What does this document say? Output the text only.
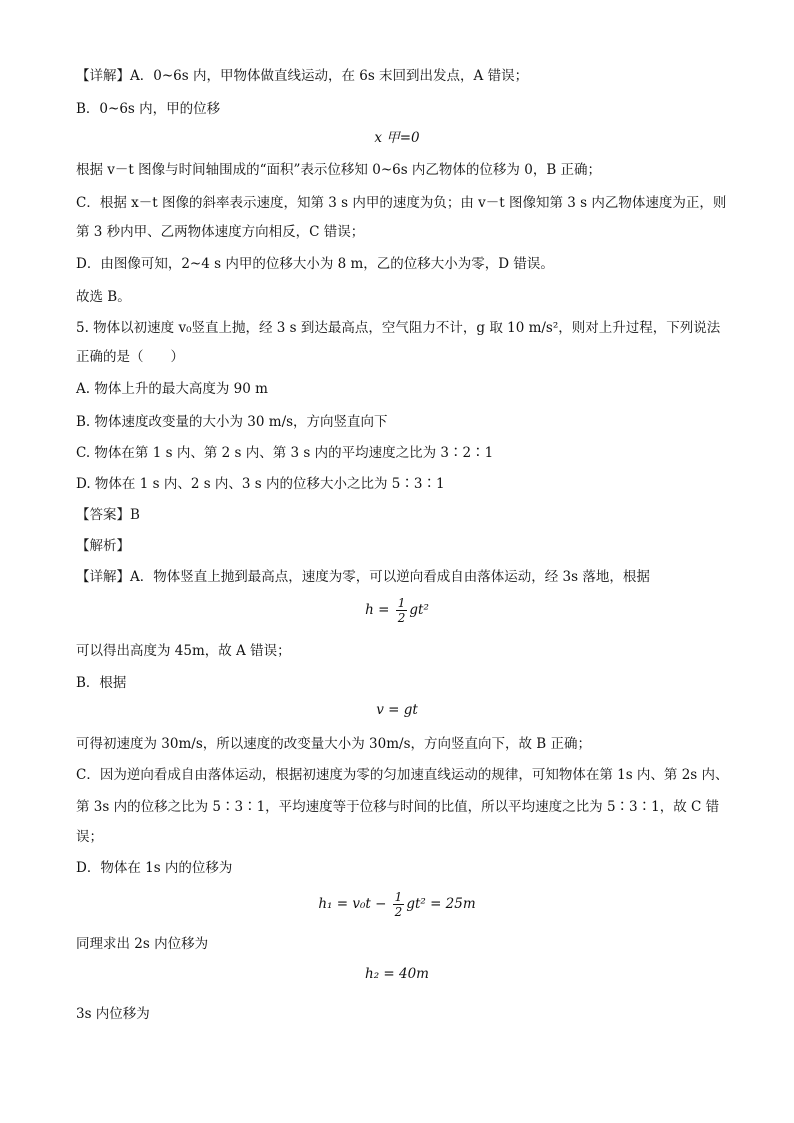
【详解】A．0~6s 内，甲物体做直线运动，在 6s 末回到出发点，A 错误；
B．0~6s 内，甲的位移
x 甲=0
根据 v－t 图像与时间轴围成的“面积”表示位移知 0~6s 内乙物体的位移为 0，B 正确；
C．根据 x－t 图像的斜率表示速度，知第 3 s 内甲的速度为负；由 v－t 图像知第 3 s 内乙物体速度为正，则
第 3 秒内甲、乙两物体速度方向相反，C 错误；
D．由图像可知，2~4 s 内甲的位移大小为 8 m，乙的位移大小为零，D 错误。
故选 B。
5. 物体以初速度 v₀竖直上抛，经 3 s 到达最高点，空气阻力不计，g 取 10 m/s²，则对上升过程，下列说法
正确的是（　　）
A. 物体上升的最大高度为 90 m
B. 物体速度改变量的大小为 30 m/s，方向竖直向下
C. 物体在第 1 s 内、第 2 s 内、第 3 s 内的平均速度之比为 3∶2∶1
D. 物体在 1 s 内、2 s 内、3 s 内的位移大小之比为 5∶3∶1
【答案】B
【解析】
【详解】A．物体竖直上抛到最高点，速度为零，可以逆向看成自由落体运动，经 3s 落地，根据
$h = \frac{1}{2} gt^2$
可以得出高度为 45m，故 A 错误；
B．根据
v = gt
可得初速度为 30m/s，所以速度的改变量大小为 30m/s，方向竖直向下，故 B 正确；
C．因为逆向看成自由落体运动，根据初速度为零的匀加速直线运动的规律，可知物体在第 1s 内、第 2s 内、
第 3s 内的位移之比为 5∶3∶1，平均速度等于位移与时间的比值，所以平均速度之比为 5∶3∶1，故 C 错
误；
D．物体在 1s 内的位移为
$h_1 = v_0t - \frac{1}{2} gt^2 = 25m$
同理求出 2s 内位移为
h₂ = 40m
3s 内位移为
